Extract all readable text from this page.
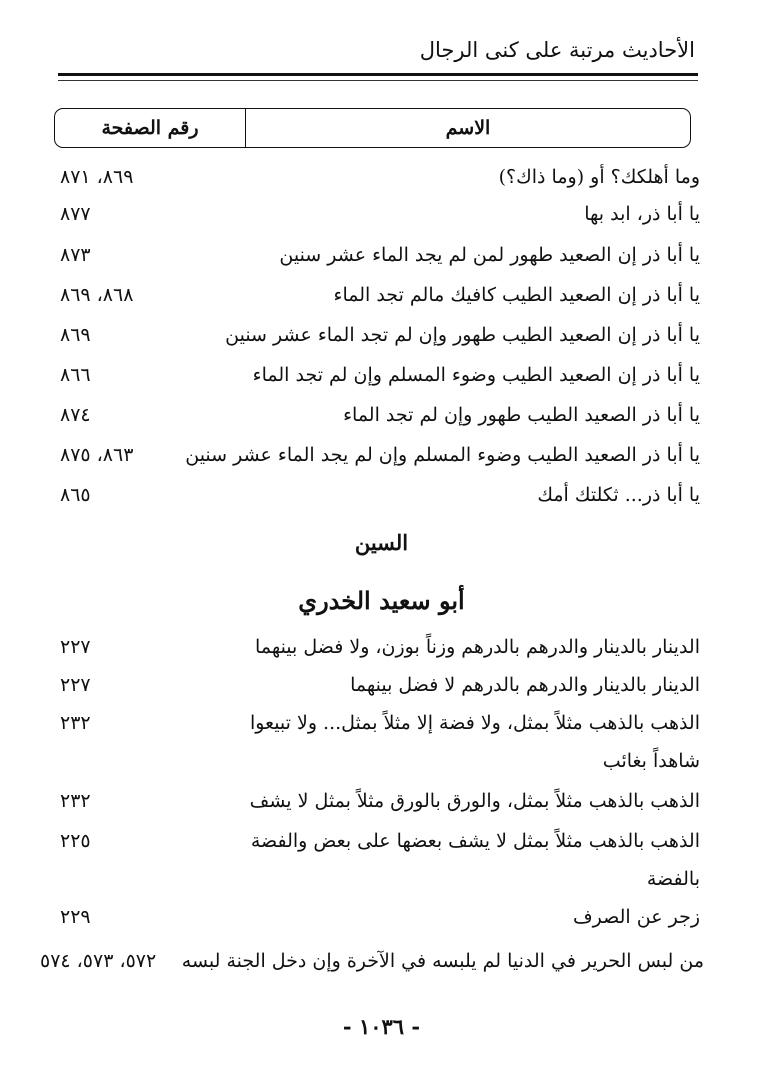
الأحاديث مرتبة على كنى الرجال
الاسم
رقم الصفحة
وما أهلكك؟ أو (وما ذاك؟)
٨٦٩، ٨٧١
يا أبا ذر، ابد بها
٨٧٧
يا أبا ذر إن الصعيد طهور لمن لم يجد الماء عشر سنين
٨٧٣
يا أبا ذر إن الصعيد الطيب كافيك مالم تجد الماء
٨٦٨، ٨٦٩
يا أبا ذر إن الصعيد الطيب طهور وإن لم تجد الماء عشر سنين
٨٦٩
يا أبا ذر إن الصعيد الطيب وضوء المسلم وإن لم تجد الماء
٨٦٦
يا أبا ذر الصعيد الطيب طهور وإن لم تجد الماء
٨٧٤
يا أبا ذر الصعيد الطيب وضوء المسلم وإن لم يجد الماء عشر سنين
٨٦٣، ٨٧٥
يا أبا ذر... ثكلتك أمك
٨٦٥
السين
أبو سعيد الخدري
الدينار بالدينار والدرهم بالدرهم وزناً بوزن، ولا فضل بينهما
٢٢٧
الدينار بالدينار والدرهم بالدرهم لا فضل بينهما
٢٢٧
الذهب بالذهب مثلاً بمثل، ولا فضة إلا مثلاً بمثل... ولا تبيعوا
٢٣٢
شاهداً بغائب
الذهب بالذهب مثلاً بمثل، والورق بالورق مثلاً بمثل لا يشف
٢٣٢
الذهب بالذهب مثلاً بمثل لا يشف بعضها على بعض والفضة
٢٢٥
بالفضة
زجر عن الصرف
٢٢٩
من لبس الحرير في الدنيا لم يلبسه في الآخرة وإن دخل الجنة لبسه
٥٧٢، ٥٧٣، ٥٧٤
- ١٠٣٦ -
